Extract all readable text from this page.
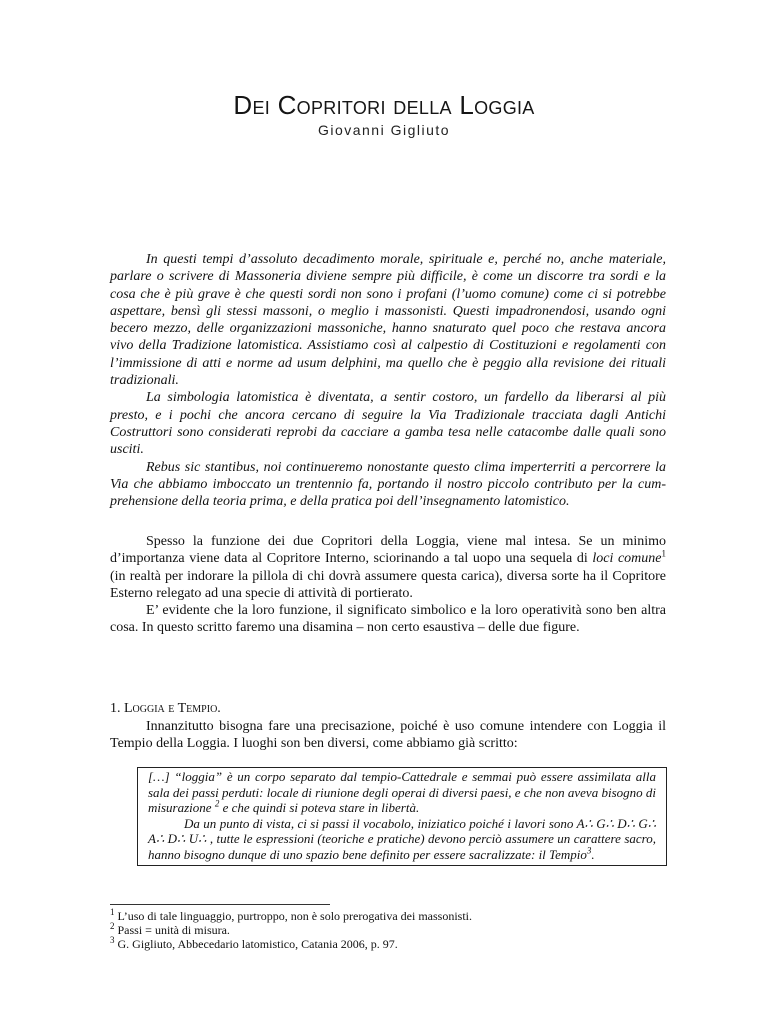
Dei Copritori della Loggia
Giovanni Gigliuto

In questi tempi d’assoluto decadimento morale, spirituale e, perché no, anche materiale, parlare o scrivere di Massoneria diviene sempre più difficile, è come un discorre tra sordi e la cosa che è più grave è che questi sordi non sono i profani (l’uomo comune) come ci si potrebbe aspettare, bensì gli stessi massoni, o meglio i massonisti. Questi impadronendosi, usando ogni becero mezzo, delle organizzazioni massoniche, hanno snaturato quel poco che restava ancora vivo della Tradizione latomistica. Assistiamo così al calpestio di Costituzioni e regolamenti con l’immissione di atti e norme ad usum delphini, ma quello che è peggio alla revisione dei rituali tradizionali.

La simbologia latomistica è diventata, a sentir costoro, un fardello da liberarsi al più presto, e i pochi che ancora cercano di seguire la Via Tradizionale tracciata dagli Antichi Costruttori sono considerati reprobi da cacciare a gamba tesa nelle catacombe dalle quali sono usciti.

Rebus sic stantibus, noi continueremo nonostante questo clima imperterriti a percorrere la Via che abbiamo imboccato un trentennio fa, portando il nostro piccolo contributo per la cum-prehensione della teoria prima, e della pratica poi dell’insegnamento latomistico.

Spesso la funzione dei due Copritori della Loggia, viene mal intesa. Se un minimo d’importanza viene data al Copritore Interno, sciorinando a tal uopo una sequela di loci comune$^1$ (in realtà per indorare la pillola di chi dovrà assumere questa carica), diversa sorte ha il Copritore Esterno relegato ad una specie di attività di portierato.

E’ evidente che la loro funzione, il significato simbolico e la loro operatività sono ben altra cosa. In questo scritto faremo una disamina – non certo esaustiva – delle due figure.

1. Loggia e Tempio.

Innanzitutto bisogna fare una precisazione, poiché è uso comune intendere con Loggia il Tempio della Loggia. I luoghi son ben diversi, come abbiamo già scritto:

[…] “loggia” è un corpo separato dal tempio-Cattedrale e semmai può essere assimilata alla sala dei passi perduti: locale di riunione degli operai di diversi paesi, e che non aveva bisogno di misurazione $^2$ e che quindi si poteva stare in libertà.

Da un punto di vista, ci si passi il vocabolo, iniziatico poiché i lavori sono A∴ G∴ D∴ G∴ A∴ D∴ U∴ , tutte le espressioni (teoriche e pratiche) devono perciò assumere un carattere sacro, hanno bisogno dunque di uno spazio bene definito per essere sacralizzate: il Tempio$^3$.

$^1$ L’uso di tale linguaggio, purtroppo, non è solo prerogativa dei massonisti.

$^2$ Passi = unità di misura.

$^3$ G. Gigliuto, Abbecedario latomistico, Catania 2006, p. 97.
